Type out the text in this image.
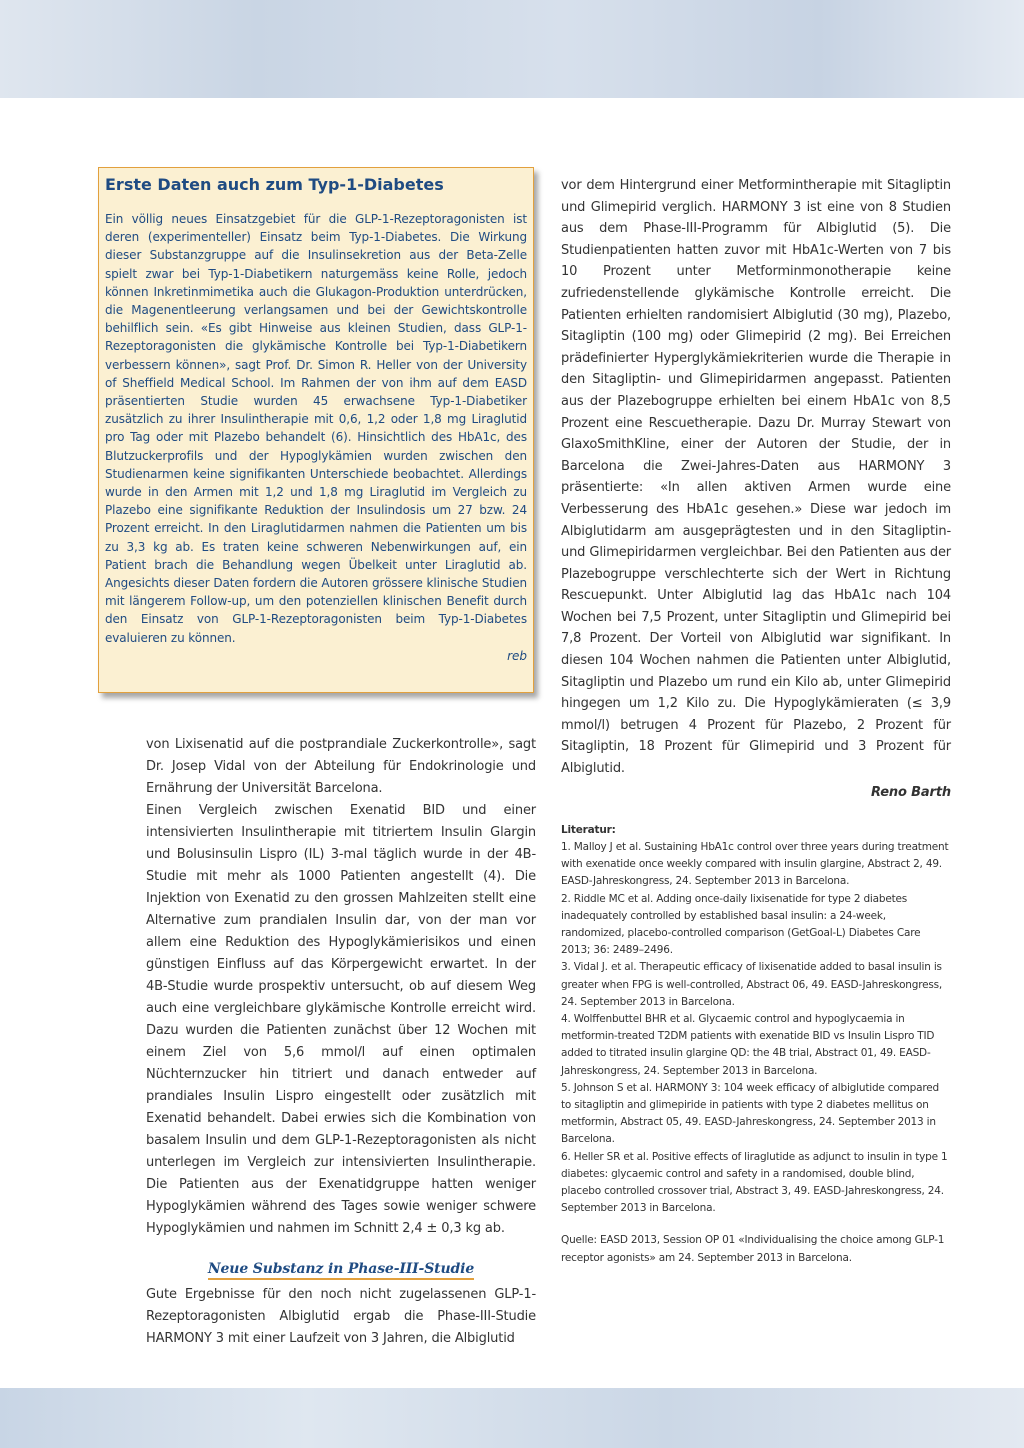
Erste Daten auch zum Typ-1-Diabetes

Ein völlig neues Einsatzgebiet für die GLP-1-Rezeptoragonisten ist deren (experimenteller) Einsatz beim Typ-1-Diabetes. Die Wirkung dieser Substanzgruppe auf die Insulinsekretion aus der Beta-Zelle spielt zwar bei Typ-1-Diabetikern naturgemäss keine Rolle, jedoch können Inkretinmimetika auch die Glukagon-Produktion unterdrücken, die Magenentleerung verlangsamen und bei der Gewichtskontrolle behilflich sein. «Es gibt Hinweise aus kleinen Studien, dass GLP-1-Rezeptoragonisten die glykämische Kontrolle bei Typ-1-Diabetikern verbessern können», sagt Prof. Dr. Simon R. Heller von der University of Sheffield Medical School. Im Rahmen der von ihm auf dem EASD präsentierten Studie wurden 45 erwachsene Typ-1-Diabetiker zusätzlich zu ihrer Insulintherapie mit 0,6, 1,2 oder 1,8 mg Liraglutid pro Tag oder mit Plazebo behandelt (6). Hinsichtlich des HbA1c, des Blutzuckerprofils und der Hypoglykämien wurden zwischen den Studienarmen keine signifikanten Unterschiede beobachtet. Allerdings wurde in den Armen mit 1,2 und 1,8 mg Liraglutid im Vergleich zu Plazebo eine signifikante Reduktion der Insulindosis um 27 bzw. 24 Prozent erreicht. In den Liraglutidarmen nahmen die Patienten um bis zu 3,3 kg ab. Es traten keine schweren Nebenwirkungen auf, ein Patient brach die Behandlung wegen Übelkeit unter Liraglutid ab. Angesichts dieser Daten fordern die Autoren grössere klinische Studien mit längerem Follow-up, um den potenziellen klinischen Benefit durch den Einsatz von GLP-1-Rezeptoragonisten beim Typ-1-Diabetes evaluieren zu können.

reb

von Lixisenatid auf die postprandiale Zuckerkontrolle», sagt Dr. Josep Vidal von der Abteilung für Endokrinologie und Ernährung der Universität Barcelona.

Einen Vergleich zwischen Exenatid BID und einer intensivierten Insulintherapie mit titriertem Insulin Glargin und Bolusinsulin Lispro (IL) 3-mal täglich wurde in der 4B-Studie mit mehr als 1000 Patienten angestellt (4). Die Injektion von Exenatid zu den grossen Mahlzeiten stellt eine Alternative zum prandialen Insulin dar, von der man vor allem eine Reduktion des Hypoglykämierisikos und einen günstigen Einfluss auf das Körpergewicht erwartet. In der 4B-Studie wurde prospektiv untersucht, ob auf diesem Weg auch eine vergleichbare glykämische Kontrolle erreicht wird. Dazu wurden die Patienten zunächst über 12 Wochen mit einem Ziel von 5,6 mmol/l auf einen optimalen Nüchternzucker hin titriert und danach entweder auf prandiales Insulin Lispro eingestellt oder zusätzlich mit Exenatid behandelt. Dabei erwies sich die Kombination von basalem Insulin und dem GLP-1-Rezeptoragonisten als nicht unterlegen im Vergleich zur intensivierten Insulintherapie. Die Patienten aus der Exenatidgruppe hatten weniger Hypoglykämien während des Tages sowie weniger schwere Hypoglykämien und nahmen im Schnitt 2,4 ± 0,3 kg ab.

Neue Substanz in Phase-III-Studie

Gute Ergebnisse für den noch nicht zugelassenen GLP-1-Rezeptoragonisten Albiglutid ergab die Phase-III-Studie HARMONY 3 mit einer Laufzeit von 3 Jahren, die Albiglutid

vor dem Hintergrund einer Metformintherapie mit Sitagliptin und Glimepirid verglich. HARMONY 3 ist eine von 8 Studien aus dem Phase-III-Programm für Albiglutid (5). Die Studienpatienten hatten zuvor mit HbA1c-Werten von 7 bis 10 Prozent unter Metforminmonotherapie keine zufriedenstellende glykämische Kontrolle erreicht. Die Patienten erhielten randomisiert Albiglutid (30 mg), Plazebo, Sitagliptin (100 mg) oder Glimepirid (2 mg). Bei Erreichen prädefinierter Hyperglykämiekriterien wurde die Therapie in den Sitagliptin- und Glimepiridarmen angepasst. Patienten aus der Plazebogruppe erhielten bei einem HbA1c von 8,5 Prozent eine Rescuetherapie. Dazu Dr. Murray Stewart von GlaxoSmithKline, einer der Autoren der Studie, der in Barcelona die Zwei-Jahres-Daten aus HARMONY 3 präsentierte: «In allen aktiven Armen wurde eine Verbesserung des HbA1c gesehen.» Diese war jedoch im Albiglutidarm am ausgeprägtesten und in den Sitagliptin- und Glimepiridarmen vergleichbar. Bei den Patienten aus der Plazebogruppe verschlechterte sich der Wert in Richtung Rescuepunkt. Unter Albiglutid lag das HbA1c nach 104 Wochen bei 7,5 Prozent, unter Sitagliptin und Glimepirid bei 7,8 Prozent. Der Vorteil von Albiglutid war signifikant. In diesen 104 Wochen nahmen die Patienten unter Albiglutid, Sitagliptin und Plazebo um rund ein Kilo ab, unter Glimepirid hingegen um 1,2 Kilo zu. Die Hypoglykämieraten (≤ 3,9 mmol/l) betrugen 4 Prozent für Plazebo, 2 Prozent für Sitagliptin, 18 Prozent für Glimepirid und 3 Prozent für Albiglutid.

Reno Barth
Literatur:

1. Malloy J et al. Sustaining HbA1c control over three years during treatment with exenatide once weekly compared with insulin glargine, Abstract 2, 49. EASD-Jahreskongress, 24. September 2013 in Barcelona.

2. Riddle MC et al. Adding once-daily lixisenatide for type 2 diabetes inadequately controlled by established basal insulin: a 24-week, randomized, placebo-controlled comparison (GetGoal-L) Diabetes Care 2013; 36: 2489–2496.

3. Vidal J. et al. Therapeutic efficacy of lixisenatide added to basal insulin is greater when FPG is well-controlled, Abstract 06, 49. EASD-Jahreskongress, 24. September 2013 in Barcelona.

4. Wolffenbuttel BHR et al. Glycaemic control and hypoglycaemia in metformin-treated T2DM patients with exenatide BID vs Insulin Lispro TID added to titrated insulin glargine QD: the 4B trial, Abstract 01, 49. EASD-Jahreskongress, 24. September 2013 in Barcelona.

5. Johnson S et al. HARMONY 3: 104 week efficacy of albiglutide compared to sitagliptin and glimepiride in patients with type 2 diabetes mellitus on metformin, Abstract 05, 49. EASD-Jahreskongress, 24. September 2013 in Barcelona.

6. Heller SR et al. Positive effects of liraglutide as adjunct to insulin in type 1 diabetes: glycaemic control and safety in a randomised, double blind, placebo controlled crossover trial, Abstract 3, 49. EASD-Jahreskongress, 24. September 2013 in Barcelona.

Quelle: EASD 2013, Session OP 01 «Individualising the choice among GLP-1 receptor agonists» am 24. September 2013 in Barcelona.
